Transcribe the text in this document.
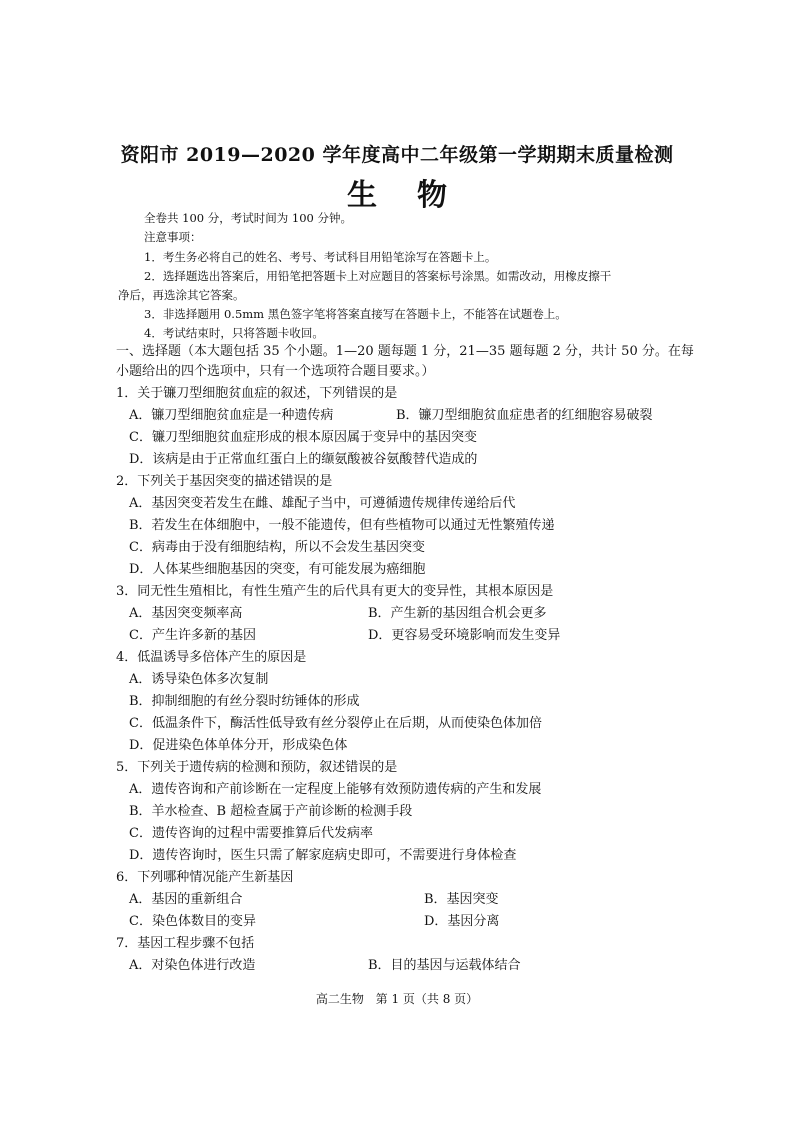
资阳市 2019—2020 学年度高中二年级第一学期期末质量检测
生物
全卷共 100 分，考试时间为 100 分钟。
注意事项：
1．考生务必将自己的姓名、考号、考试科目用铅笔涂写在答题卡上。
2．选择题选出答案后，用铅笔把答题卡上对应题目的答案标号涂黑。如需改动，用橡皮擦干
净后，再选涂其它答案。
3．非选择题用 0.5mm 黑色签字笔将答案直接写在答题卡上，不能答在试题卷上。
4．考试结束时，只将答题卡收回。
一、选择题（本大题包括 35 个小题。1—20 题每题 1 分，21—35 题每题 2 分，共计 50 分。在每
小题给出的四个选项中，只有一个选项符合题目要求。）
1．关于镰刀型细胞贫血症的叙述，下列错误的是
A．镰刀型细胞贫血症是一种遗传病	B．镰刀型细胞贫血症患者的红细胞容易破裂
C．镰刀型细胞贫血症形成的根本原因属于变异中的基因突变
D．该病是由于正常血红蛋白上的缬氨酸被谷氨酸替代造成的
2．下列关于基因突变的描述错误的是
A．基因突变若发生在雌、雄配子当中，可遵循遗传规律传递给后代
B．若发生在体细胞中，一般不能遗传，但有些植物可以通过无性繁殖传递
C．病毒由于没有细胞结构，所以不会发生基因突变
D．人体某些细胞基因的突变，有可能发展为癌细胞
3．同无性生殖相比，有性生殖产生的后代具有更大的变异性，其根本原因是
A．基因突变频率高	B．产生新的基因组合机会更多
C．产生许多新的基因	D．更容易受环境影响而发生变异
4．低温诱导多倍体产生的原因是
A．诱导染色体多次复制
B．抑制细胞的有丝分裂时纺锤体的形成
C．低温条件下，酶活性低导致有丝分裂停止在后期，从而使染色体加倍
D．促进染色体单体分开，形成染色体
5．下列关于遗传病的检测和预防，叙述错误的是
A．遗传咨询和产前诊断在一定程度上能够有效预防遗传病的产生和发展
B．羊水检查、B 超检查属于产前诊断的检测手段
C．遗传咨询的过程中需要推算后代发病率
D．遗传咨询时，医生只需了解家庭病史即可，不需要进行身体检查
6．下列哪种情况能产生新基因
A．基因的重新组合	B．基因突变
C．染色体数目的变异	D．基因分离
7．基因工程步骤不包括
A．对染色体进行改造	B．目的基因与运载体结合
高二生物 第 1 页（共 8 页）
